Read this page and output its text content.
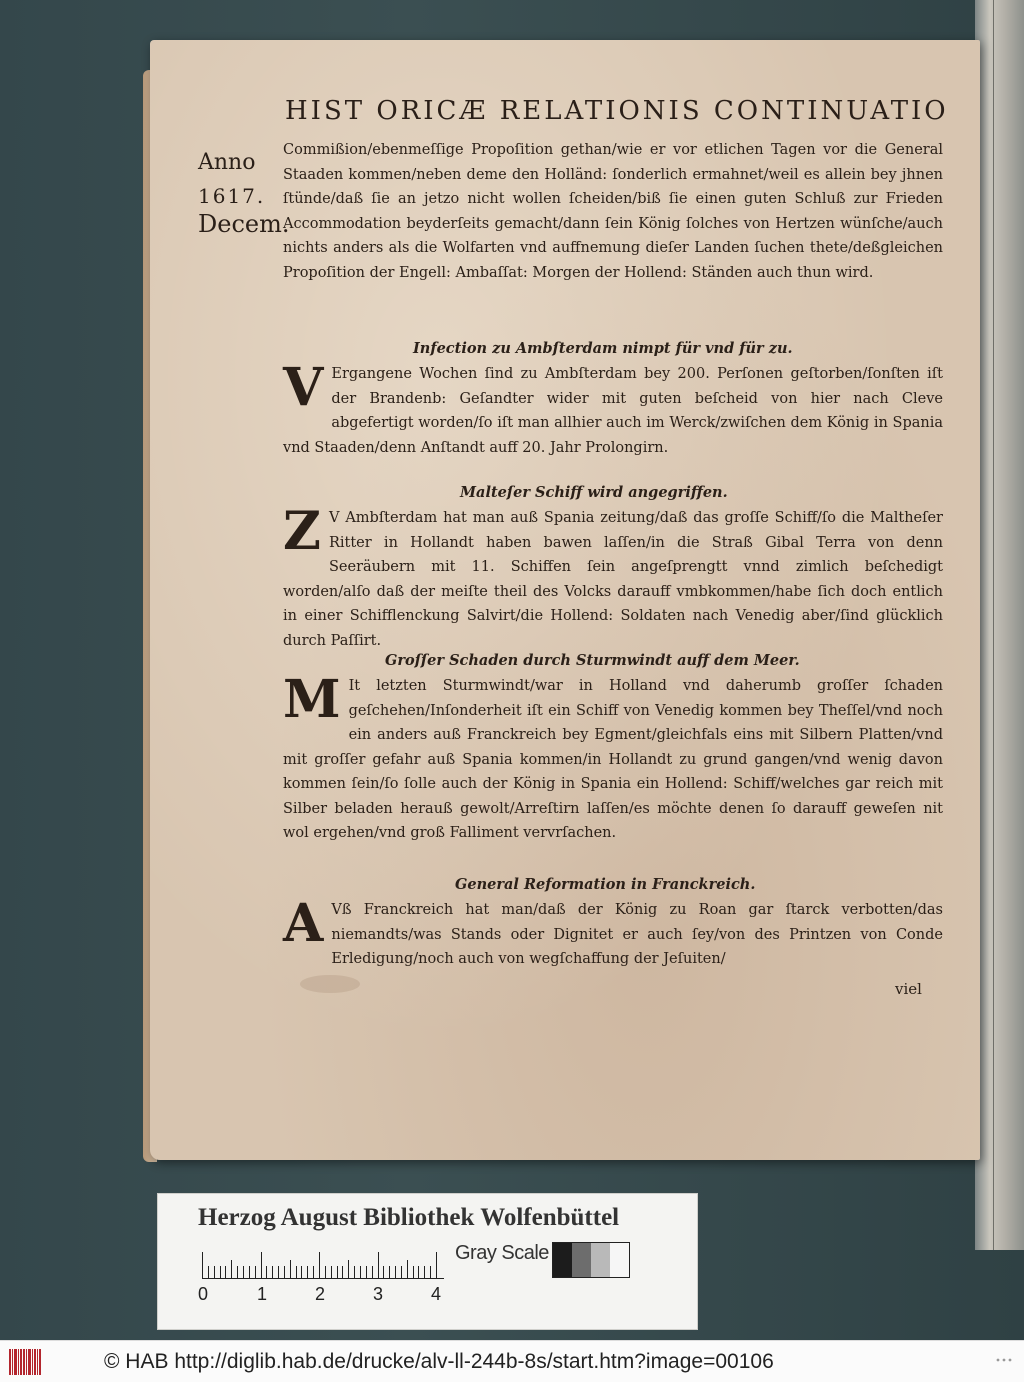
HIST ORICÆ RELATIONIS CONTINUATIO
Anno
1617.
Decem.
Commißion/ebenmeſſige Propoſition gethan/wie er vor etlichen Tagen vor die General Staaden kommen/neben deme den Holländ: ſonderlich ermahnet/weil es allein bey jhnen ſtünde/daß ſie an jetzo nicht wollen ſcheiden/biß ſie einen guten Schluß zur Frieden Accommodation beyderſeits gemacht/dann ſein König ſolches von Hertzen wünſche/auch nichts anders als die Wolfarten vnd auffnemung dieſer Landen ſuchen thete/deßgleichen Propoſition der Engell: Ambaſſat: Morgen der Hollend: Ständen auch thun wird.
Infection zu Ambſterdam nimpt für vnd für zu.
V Ergangene Wochen ſind zu Ambſterdam bey 200. Perſonen geſtorben/ſonſten iſt der Brandenb: Geſandter wider mit guten beſcheid von hier nach Cleve abgefertigt worden/ſo iſt man allhier auch im Werck/zwiſchen dem König in Spania vnd Staaden/denn Anſtandt auff 20. Jahr Prolongirn.
Malteſer Schiff wird angegriffen.
Z V Ambſterdam hat man auß Spania zeitung/daß das groſſe Schiff/ſo die Maltheſer Ritter in Hollandt haben bawen laſſen/in die Straß Gibal Terra von denn Seeräubern mit 11. Schiffen ſein angeſprengtt vnnd zimlich beſchedigt worden/alſo daß der meiſte theil des Volcks darauff vmbkommen/habe ſich doch entlich in einer Schifflenckung Salvirt/die Hollend: Soldaten nach Venedig aber/ſind glücklich durch Paſſirt.
Groſſer Schaden durch Sturmwindt auff dem Meer.
M It letzten Sturmwindt/war in Holland vnd daherumb groſſer ſchaden geſchehen/Inſonderheit iſt ein Schiff von Venedig kommen bey Theſſel/vnd noch ein anders auß Franckreich bey Egment/gleichfals eins mit Silbern Platten/vnd mit groſſer gefahr auß Spania kommen/in Hollandt zu grund gangen/vnd wenig davon kommen ſein/ſo ſolle auch der König in Spania ein Hollend: Schiff/welches gar reich mit Silber beladen herauß gewolt/Arreſtirn laſſen/es möchte denen ſo darauff geweſen nit wol ergehen/vnd groß Falliment vervrſachen.
General Reformation in Franckreich.
A Vß Franckreich hat man/daß der König zu Roan gar ſtarck verbotten/das niemandts/was Stands oder Dignitet er auch ſey/von des Printzen von Conde Erledigung/noch auch von wegſchaffung der Jeſuiten/
viel
Herzog August Bibliothek Wolfenbüttel
0	1	2	3	4
Gray Scale
© HAB http://diglib.hab.de/drucke/alv-ll-244b-8s/start.htm?image=00106
